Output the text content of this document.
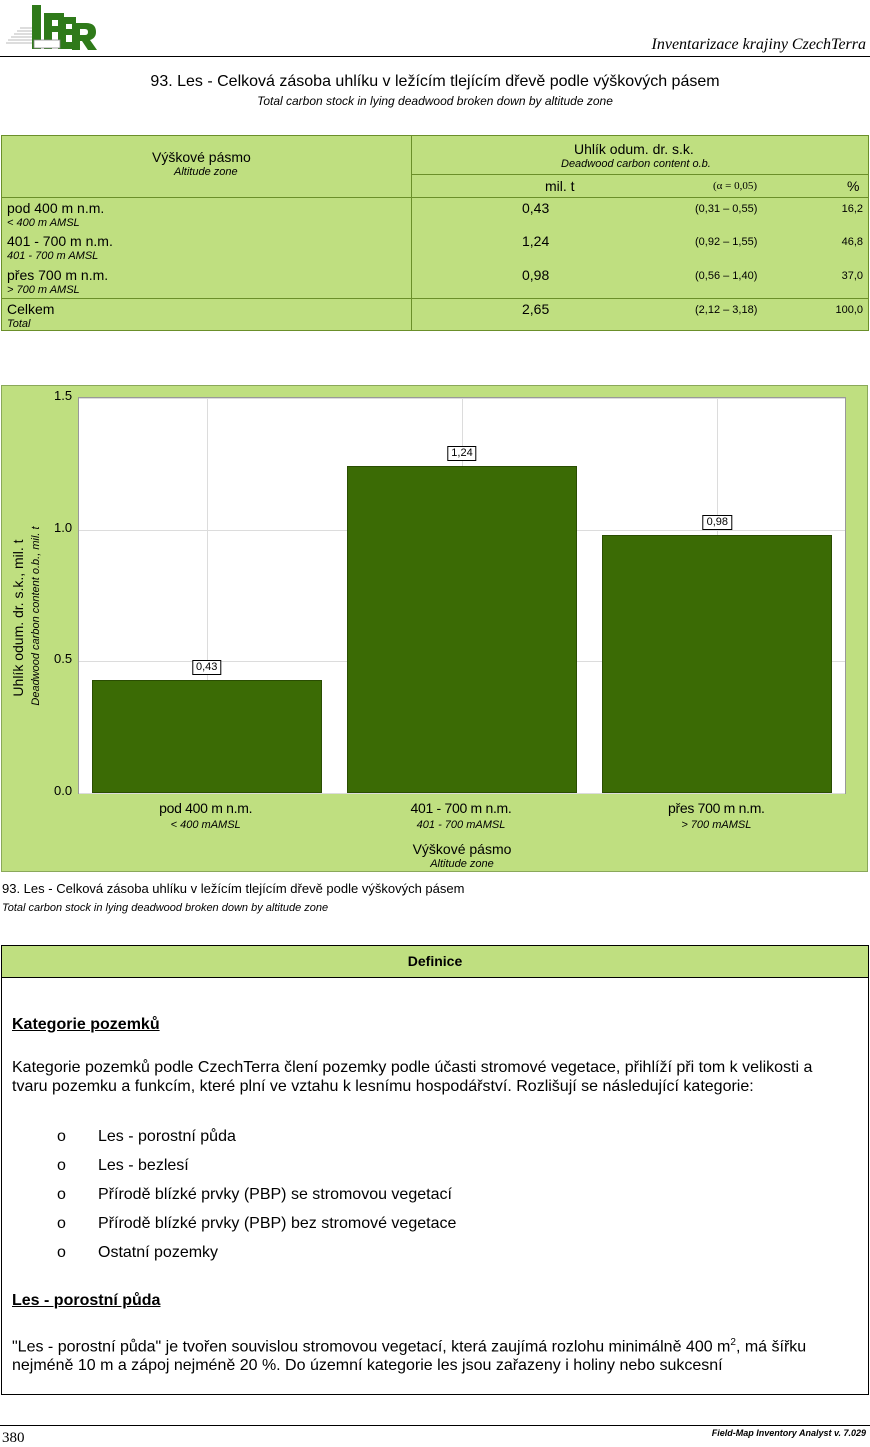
Inventarizace krajiny CzechTerra
93. Les - Celková zásoba uhlíku v ležícím tlejícím dřevě podle výškových pásem
Total carbon stock in lying deadwood broken down by altitude zone
Výškové pásmo
Altitude zone
Uhlík odum. dr. s.k.
Deadwood carbon content o.b.
mil. t	(α = 0,05)	%
pod 400 m n.m.
< 400 m AMSL
0,43	(0,31 – 0,55)	16,2
401 - 700 m n.m.
401 - 700 m AMSL
1,24	(0,92 – 1,55)	46,8
přes 700 m n.m.
> 700 m AMSL
0,98	(0,56 – 1,40)	37,0
Celkem
Total
2,65	(2,12 – 3,18)	100,0
Uhlík odum. dr. s.k., mil. t Deadwood carbon content o.b., mil. t
0.0
0.5
1.0
1.5
0,43
1,24
0,98
pod 400 m n.m.
< 400 mAMSL
401 - 700 m n.m.
401 - 700 mAMSL
přes 700 m n.m.
> 700 mAMSL
Výškové pásmo
Altitude zone
93. Les - Celková zásoba uhlíku v ležícím tlejícím dřevě podle výškových pásem
Total carbon stock in lying deadwood broken down by altitude zone
Definice
Kategorie pozemků
Kategorie pozemků podle CzechTerra člení pozemky podle účasti stromové vegetace, přihlíží při tom k velikosti a tvaru pozemku a funkcím, které plní ve vztahu k lesnímu hospodářství. Rozlišují se následující kategorie:
o Les - porostní půda
o Les - bezlesí
o Přírodě blízké prvky (PBP) se stromovou vegetací
o Přírodě blízké prvky (PBP) bez stromové vegetace
o Ostatní pozemky
Les - porostní půda
"Les - porostní půda" je tvořen souvislou stromovou vegetací, která zaujímá rozlohu minimálně 400 $m^2$, má šířku nejméně 10 m a zápoj nejméně 20 %. Do územní kategorie les jsou zařazeny i holiny nebo sukcesní
380	Field-Map Inventory Analyst v. 7.029
